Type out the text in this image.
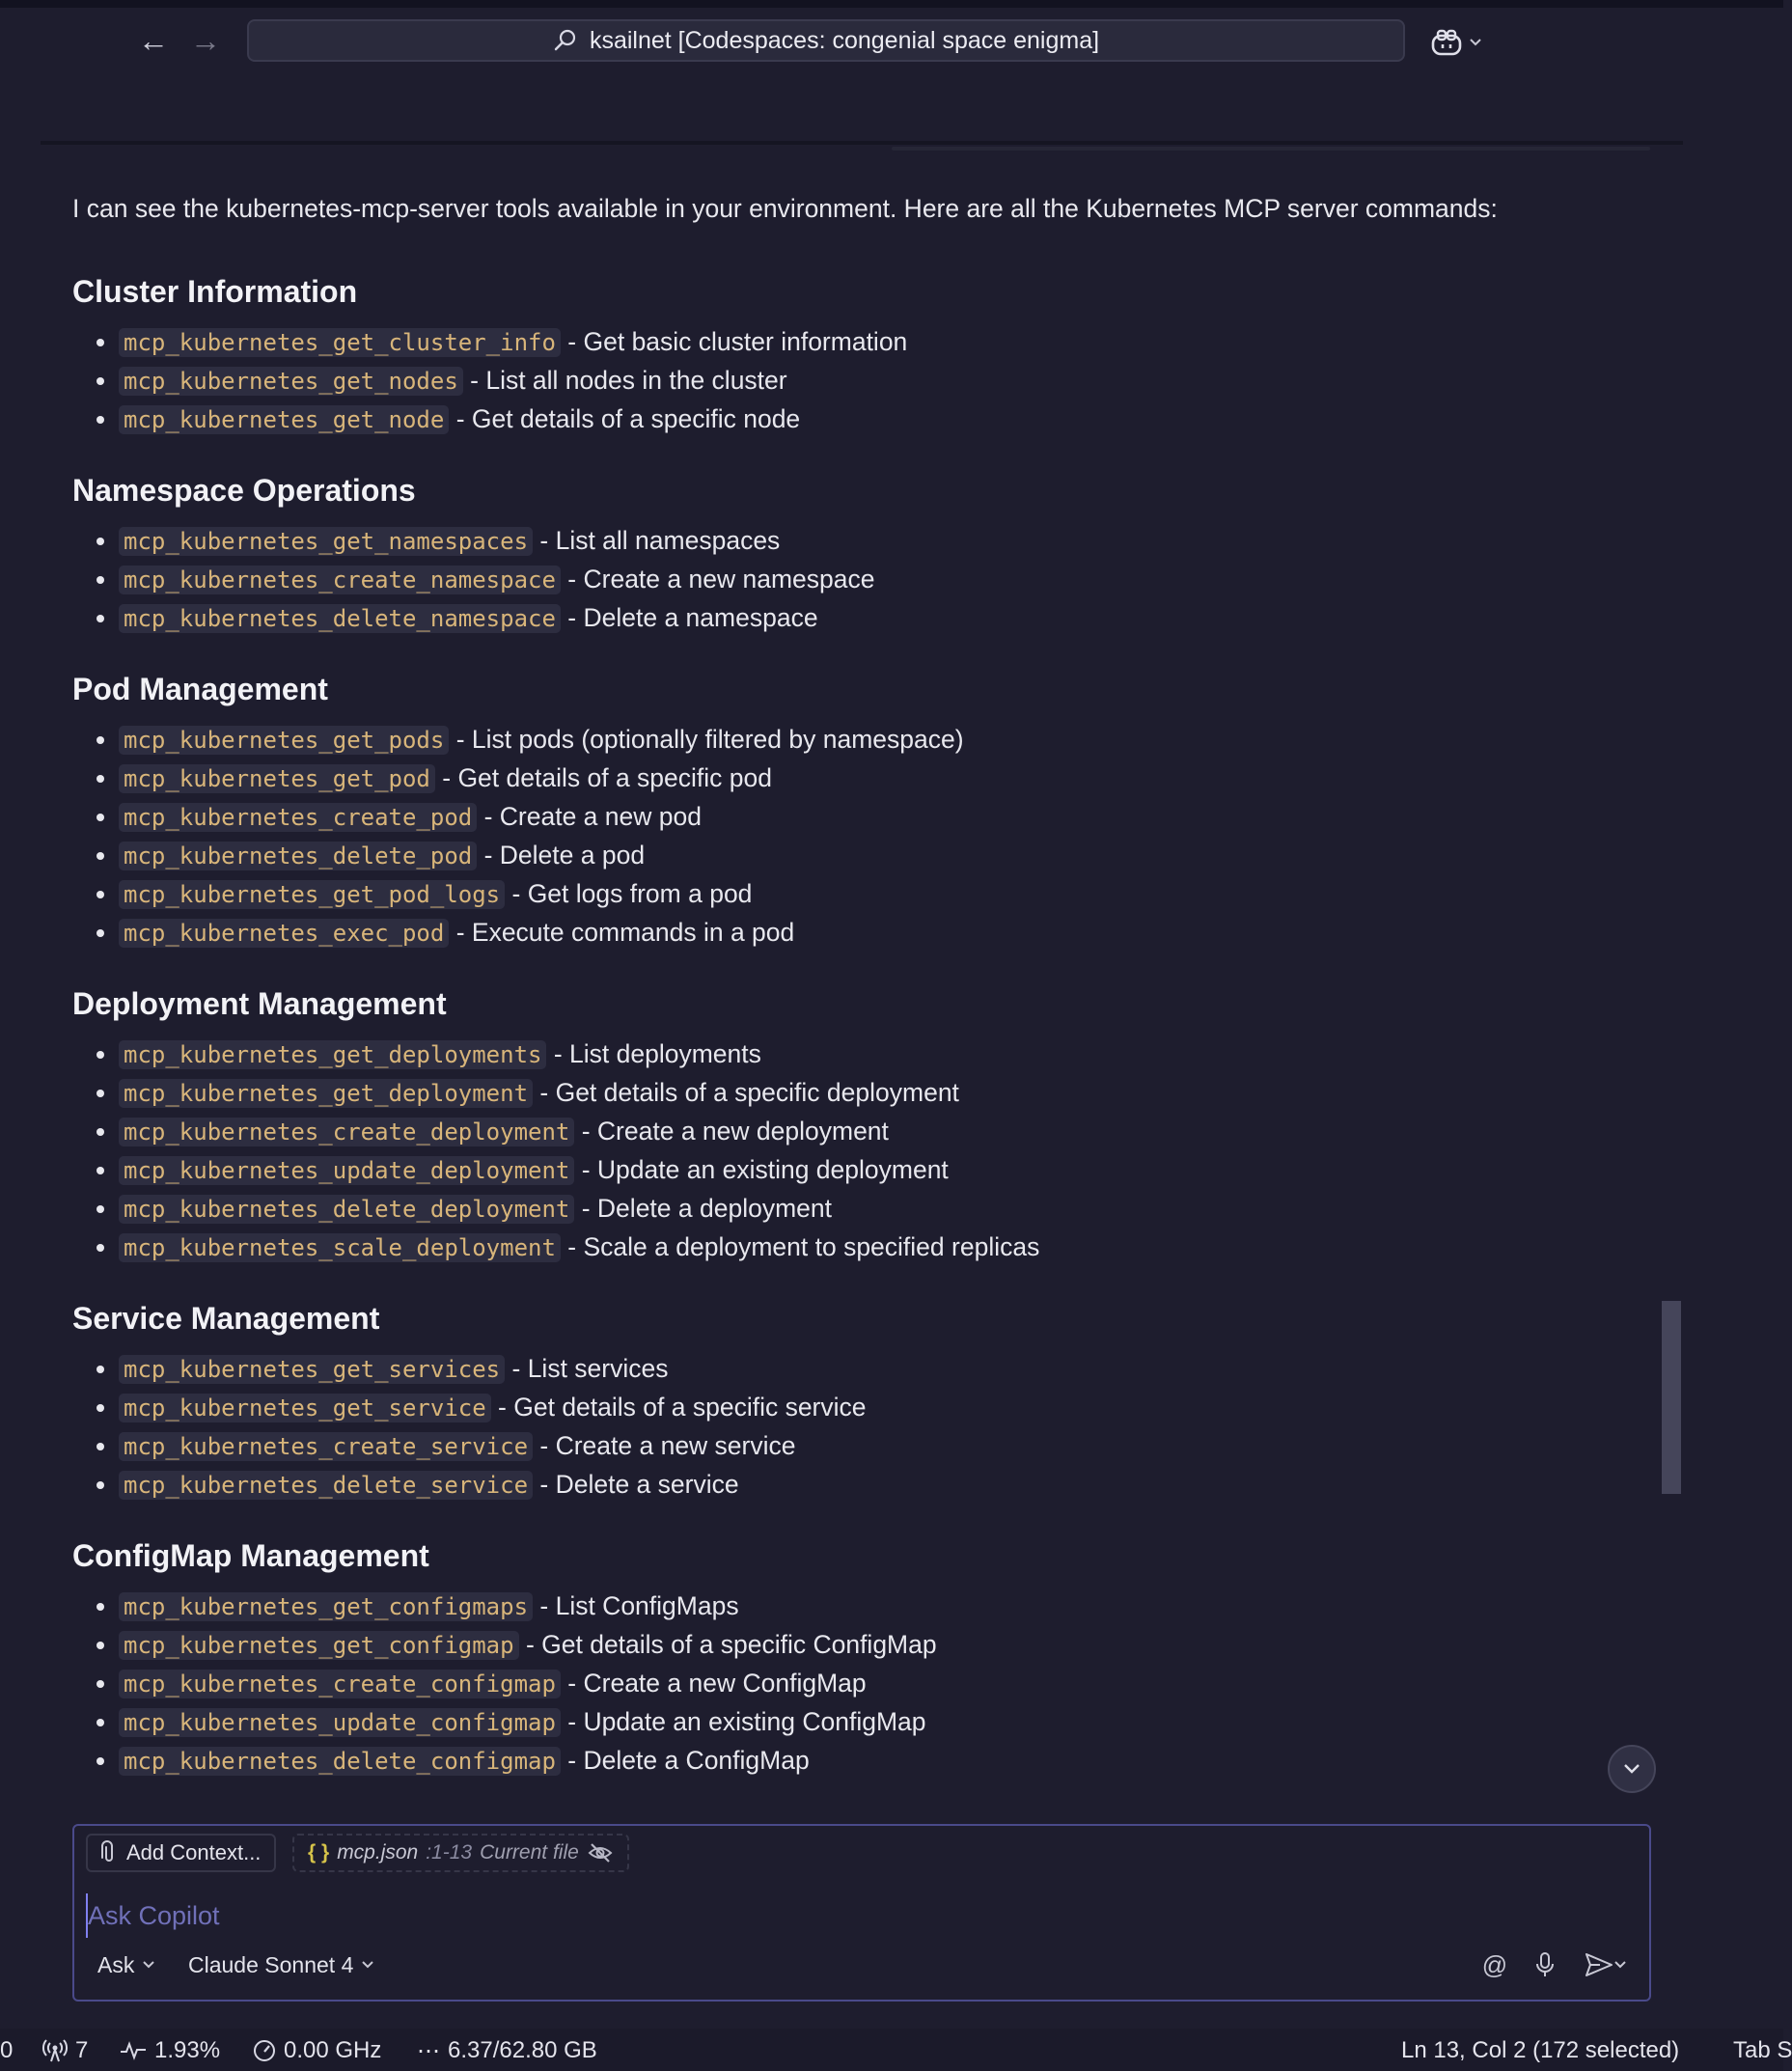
← →	ksailnet [Codespaces: congenial space enigma]
I can see the kubernetes-mcp-server tools available in your environment. Here are all the Kubernetes MCP server commands:
Cluster Information
• mcp_kubernetes_get_cluster_info - Get basic cluster information
• mcp_kubernetes_get_nodes - List all nodes in the cluster
• mcp_kubernetes_get_node - Get details of a specific node
Namespace Operations
• mcp_kubernetes_get_namespaces - List all namespaces
• mcp_kubernetes_create_namespace - Create a new namespace
• mcp_kubernetes_delete_namespace - Delete a namespace
Pod Management
• mcp_kubernetes_get_pods - List pods (optionally filtered by namespace)
• mcp_kubernetes_get_pod - Get details of a specific pod
• mcp_kubernetes_create_pod - Create a new pod
• mcp_kubernetes_delete_pod - Delete a pod
• mcp_kubernetes_get_pod_logs - Get logs from a pod
• mcp_kubernetes_exec_pod - Execute commands in a pod
Deployment Management
• mcp_kubernetes_get_deployments - List deployments
• mcp_kubernetes_get_deployment - Get details of a specific deployment
• mcp_kubernetes_create_deployment - Create a new deployment
• mcp_kubernetes_update_deployment - Update an existing deployment
• mcp_kubernetes_delete_deployment - Delete a deployment
• mcp_kubernetes_scale_deployment - Scale a deployment to specified replicas
Service Management
• mcp_kubernetes_get_services - List services
• mcp_kubernetes_get_service - Get details of a specific service
• mcp_kubernetes_create_service - Create a new service
• mcp_kubernetes_delete_service - Delete a service
ConfigMap Management
• mcp_kubernetes_get_configmaps - List ConfigMaps
• mcp_kubernetes_get_configmap - Get details of a specific ConfigMap
• mcp_kubernetes_create_configmap - Create a new ConfigMap
• mcp_kubernetes_update_configmap - Update an existing ConfigMap
• mcp_kubernetes_delete_configmap - Delete a ConfigMap
Add Context... { } mcp.json :1-13 Current file
Ask Copilot
Ask Claude Sonnet 4	@
0	7	1.93%	0.00 GHz ⋯ 6.37/62.80 GB	Ln 13, Col 2 (172 selected) Tab S
